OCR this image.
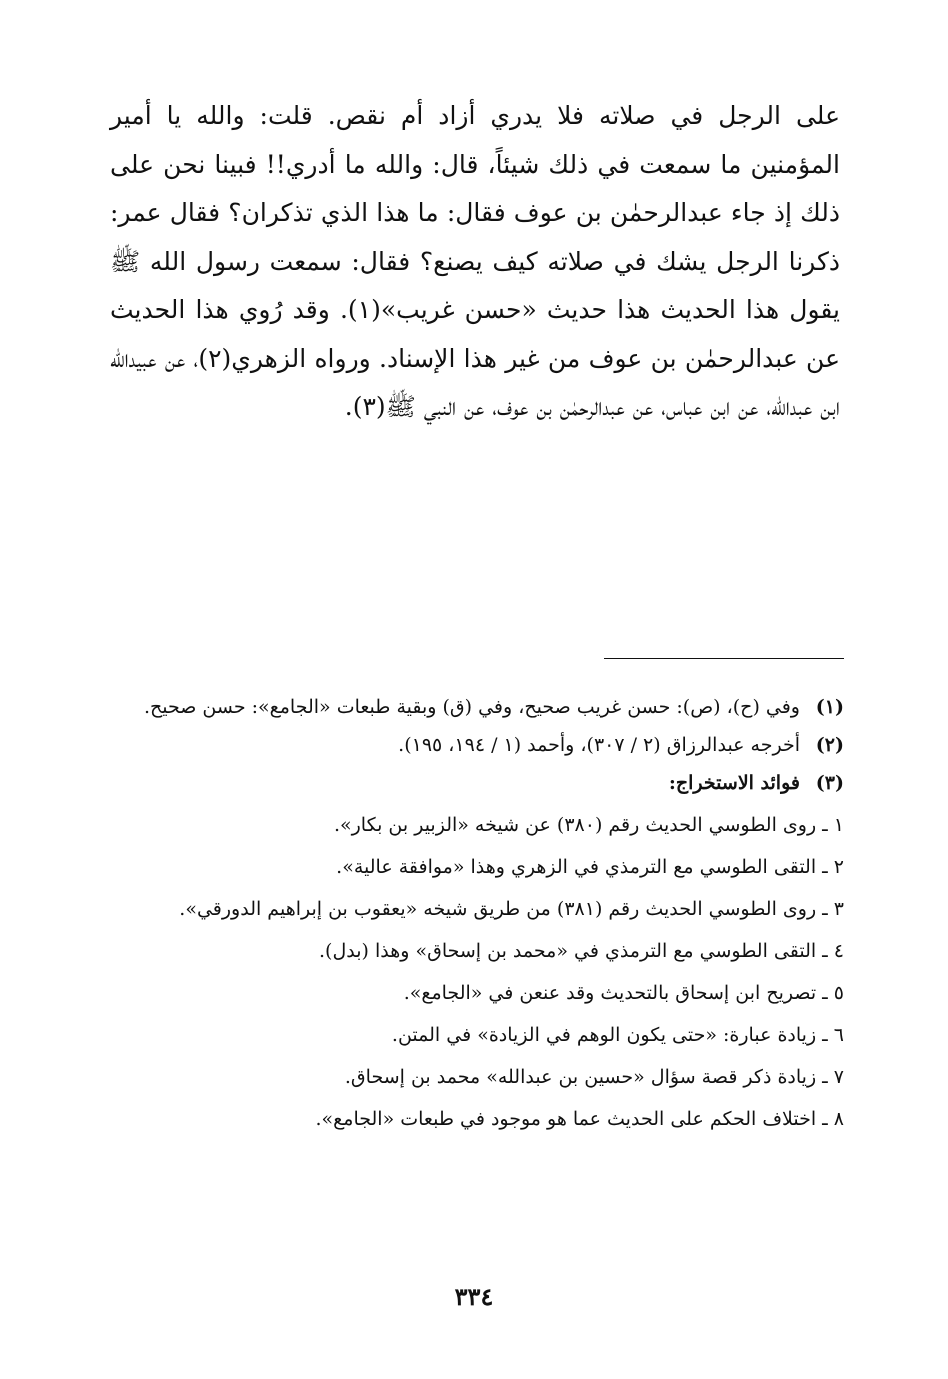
على الرجل في صلاته فلا يدري أزاد أم نقص. قلت: والله يا أمير المؤمنين ما سمعت في ذلك شيئاً، قال: والله ما أدري!! فبينا نحن على ذلك إذ جاء عبدالرحمٰن بن عوف فقال: ما هذا الذي تذكران؟ فقال عمر: ذكرنا الرجل يشك في صلاته كيف يصنع؟ فقال: سمعت رسول الله ﷺ يقول هذا الحديث هذا حديث «حسن غريب»(١). وقد رُوي هذا الحديث عن عبدالرحمٰن بن عوف من غير هذا الإسناد. ورواه الزهري(٢)، عن عبيدالله ابن عبدالله، عن ابن عباس، عن عبدالرحمٰن بن عوف، عن النبي ﷺ(٣).

(١)
وفي (ح)، (ص): حسن غريب صحيح، وفي (ق) وبقية طبعات «الجامع»: حسن صحيح.
(٢)
أخرجه عبدالرزاق (٢ / ٣٠٧)، وأحمد (١ / ١٩٤، ١٩٥).
(٣)
فوائد الاستخراج:
١ ـ روى الطوسي الحديث رقم (٣٨٠) عن شيخه «الزبير بن بكار».
٢ ـ التقى الطوسي مع الترمذي في الزهري وهذا «موافقة عالية».
٣ ـ روى الطوسي الحديث رقم (٣٨١) من طريق شيخه «يعقوب بن إبراهيم الدورقي».
٤ ـ التقى الطوسي مع الترمذي في «محمد بن إسحاق» وهذا (بدل).
٥ ـ تصريح ابن إسحاق بالتحديث وقد عنعن في «الجامع».
٦ ـ زيادة عبارة: «حتى يكون الوهم في الزيادة» في المتن.
٧ ـ زيادة ذكر قصة سؤال «حسين بن عبدالله» محمد بن إسحاق.
٨ ـ اختلاف الحكم على الحديث عما هو موجود في طبعات «الجامع».
٣٣٤
